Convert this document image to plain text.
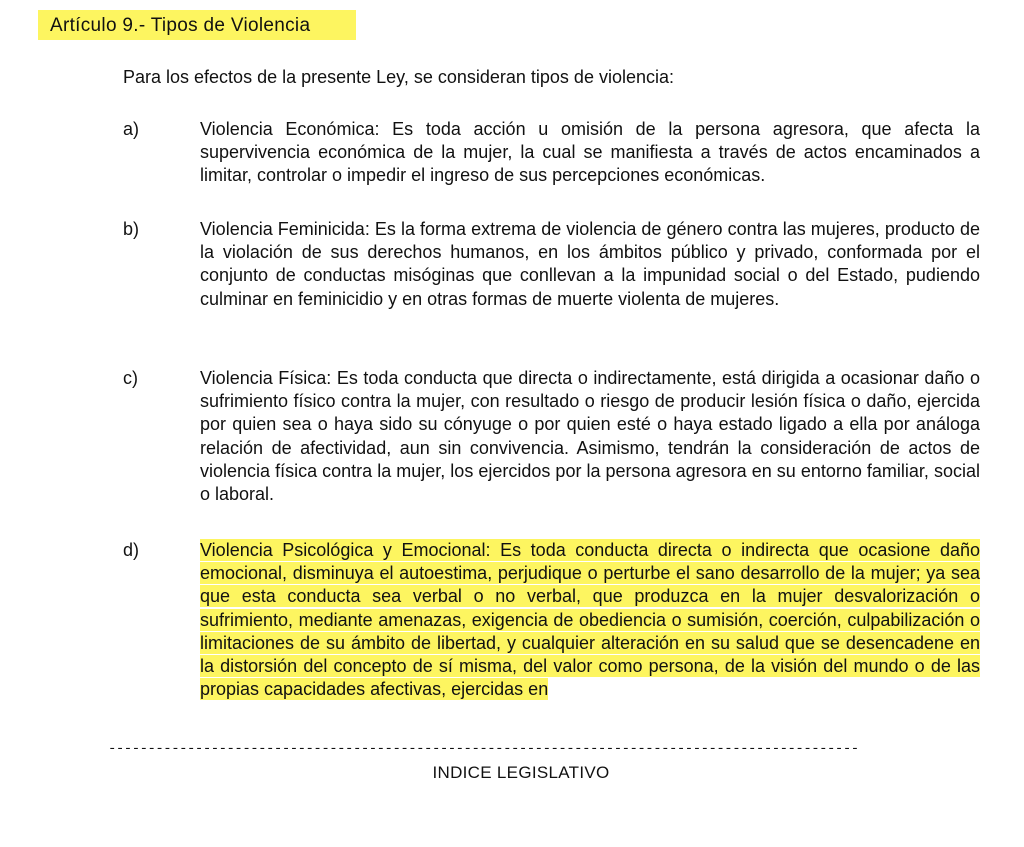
Artículo 9.- Tipos de Violencia
Para los efectos de la presente Ley, se consideran tipos de violencia:
a)	Violencia Económica: Es toda acción u omisión de la persona agresora, que afecta la supervivencia económica de la mujer, la cual se manifiesta a través de actos encaminados a limitar, controlar o impedir el ingreso de sus percepciones económicas.
b)	Violencia Feminicida: Es la forma extrema de violencia de género contra las mujeres, producto de la violación de sus derechos humanos, en los ámbitos público y privado, conformada por el conjunto de conductas misóginas que conllevan a la impunidad social o del Estado, pudiendo culminar en feminicidio y en otras formas de muerte violenta de mujeres.
c)	Violencia Física: Es toda conducta que directa o indirectamente, está dirigida a ocasionar daño o sufrimiento físico contra la mujer, con resultado o riesgo de producir lesión física o daño, ejercida por quien sea o haya sido su cónyuge o por quien esté o haya estado ligado a ella por análoga relación de afectividad, aun sin convivencia. Asimismo, tendrán la consideración de actos de violencia física contra la mujer, los ejercidos por la persona agresora en su entorno familiar, social o laboral.
d)	Violencia Psicológica y Emocional: Es toda conducta directa o indirecta que ocasione daño emocional, disminuya el autoestima, perjudique o perturbe el sano desarrollo de la mujer; ya sea que esta conducta sea verbal o no verbal, que produzca en la mujer desvalorización o sufrimiento, mediante amenazas, exigencia de obediencia o sumisión, coerción, culpabilización o limitaciones de su ámbito de libertad, y cualquier alteración en su salud que se desencadene en la distorsión del concepto de sí misma, del valor como persona, de la visión del mundo o de las propias capacidades afectivas, ejercidas en
-----------------------------------------------------------------------------------------------
INDICE LEGISLATIVO
